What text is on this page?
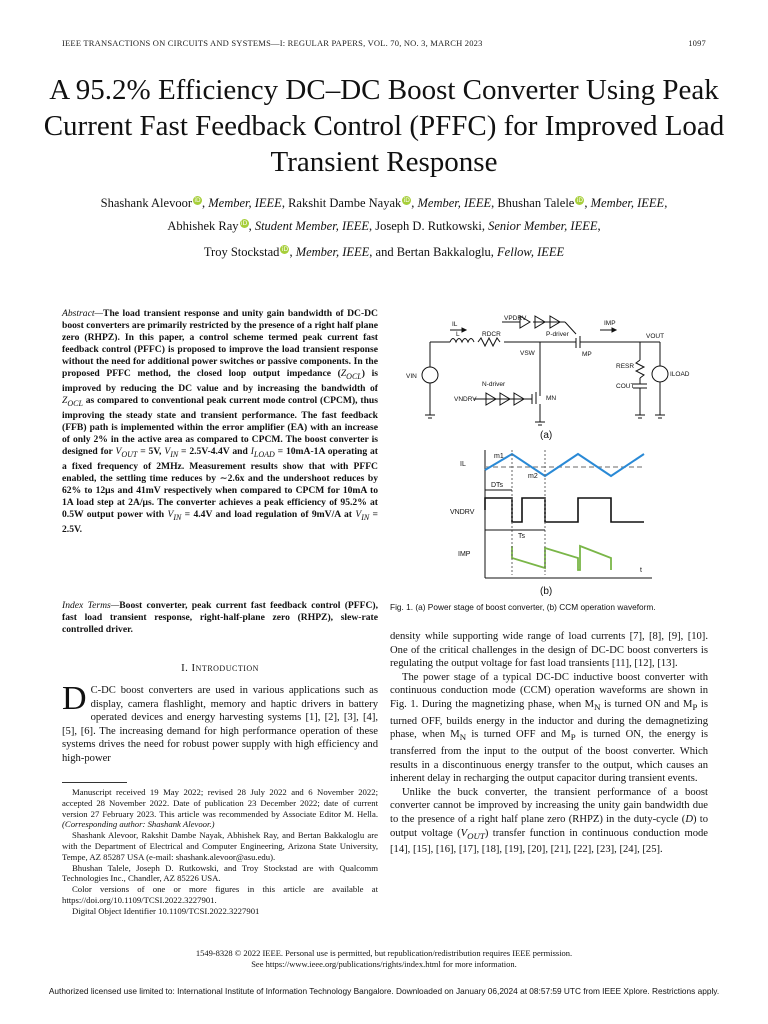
IEEE TRANSACTIONS ON CIRCUITS AND SYSTEMS—I: REGULAR PAPERS, VOL. 70, NO. 3, MARCH 2023	1097
A 95.2% Efficiency DC–DC Boost Converter Using Peak Current Fast Feedback Control (PFFC) for Improved Load Transient Response
Shashank Alevoor iD, Member, IEEE, Rakshit Dambe Nayak iD, Member, IEEE, Bhushan Talele iD, Member, IEEE,
Abhishek Ray iD, Student Member, IEEE, Joseph D. Rutkowski, Senior Member, IEEE,
Troy Stockstad iD, Member, IEEE, and Bertan Bakkaloglu, Fellow, IEEE
Abstract—The load transient response and unity gain bandwidth of DC-DC boost converters are primarily restricted by the presence of a right half plane zero (RHPZ). In this paper, a control scheme termed peak current fast feedback control (PFFC) is proposed to improve the load transient response without the need for additional power switches or passive components. In the proposed PFFC method, the closed loop output impedance $(Z_{OCL})$ is improved by reducing the DC value and by increasing the bandwidth of $Z_{OCL}$ as compared to conventional peak current mode control (CPCM), thus improving the steady state and transient performance. The fast feedback (FFB) path is implemented within the error amplifier (EA) with an increase of only 2% in the active area as compared to CPCM. The boost converter is designed for $V_{OUT} = 5V$, $V_{IN} = 2.5V-4.4V$ and $I_{LOAD} = 10mA-1A$ operating at a fixed frequency of 2MHz. Measurement results show that with PFFC enabled, the settling time reduces by ∼2.6x and the undershoot reduces by 62% to 12μs and 41mV respectively when compared to CPCM for 10mA to 1A load step at 2A/μs. The converter achieves a peak efficiency of 95.2% at 0.5W output power with $V_{IN} = 4.4V$ and load regulation of 9mV/A at $V_{IN} = 2.5V$.
Index Terms—Boost converter, peak current fast feedback control (PFFC), fast load transient response, right-half-plane zero (RHPZ), slew-rate controlled driver.
I. Introduction
D C-DC boost converters are used in various applications such as display, camera flashlight, memory and haptic drivers in battery operated devices and energy harvesting systems [1], [2], [3], [4], [5], [6]. The increasing demand for high performance operation of these systems drives the need for robust power supply with high efficiency and high-power

Manuscript received 19 May 2022; revised 28 July 2022 and 6 November 2022; accepted 28 November 2022. Date of publication 23 December 2022; date of current version 27 February 2023. This article was recommended by Associate Editor M. Hella. (Corresponding author: Shashank Alevoor.)

Shashank Alevoor, Rakshit Dambe Nayak, Abhishek Ray, and Bertan Bakkaloglu are with the Department of Electrical and Computer Engineering, Arizona State University, Tempe, AZ 85287 USA (e-mail: shashank.alevoor@asu.edu).

Bhushan Talele, Joseph D. Rutkowski, and Troy Stockstad are with Qualcomm Technologies Inc., Chandler, AZ 85226 USA.

Color versions of one or more figures in this article are available at https://doi.org/10.1109/TCSI.2022.3227901.

Digital Object Identifier 10.1109/TCSI.2022.3227901

VPDRV
IMP
IL
L	RDCR	P-driver	VOUT
VSW	MP
RESR
VIN	ILOAD
N-driver	COUT
VNDRV	MN
(a)
IL
m1
m2
DTs
VNDRV
Ts
IMP
t
(b)
Fig. 1. (a) Power stage of boost converter, (b) CCM operation waveform.

density while supporting wide range of load currents [7], [8], [9], [10]. One of the critical challenges in the design of DC-DC boost converters is regulating the output voltage for fast load transients [11], [12], [13].

The power stage of a typical DC-DC inductive boost converter with continuous conduction mode (CCM) operation waveforms are shown in Fig. 1. During the magnetizing phase, when $M_N$ is turned ON and $M_P$ is turned OFF, builds energy in the inductor and during the demagnetizing phase, when $M_N$ is turned OFF and $M_P$ is turned ON, the energy is transferred from the input to the output of the boost converter. Which results in a discontinuous energy transfer to the output, which causes an inherent delay in recharging the output capacitor during transient events.

Unlike the buck converter, the transient performance of a boost converter cannot be improved by increasing the unity gain bandwidth due to the presence of a right half plane zero (RHPZ) in the duty-cycle (D) to output voltage $(V_{OUT})$ transfer function in continuous conduction mode [14], [15], [16], [17], [18], [19], [20], [21], [22], [23], [24], [25].

1549-8328 © 2022 IEEE. Personal use is permitted, but republication/redistribution requires IEEE permission.
See https://www.ieee.org/publications/rights/index.html for more information.
Authorized licensed use limited to: International Institute of Information Technology Bangalore. Downloaded on January 06,2024 at 08:57:59 UTC from IEEE Xplore. Restrictions apply.
